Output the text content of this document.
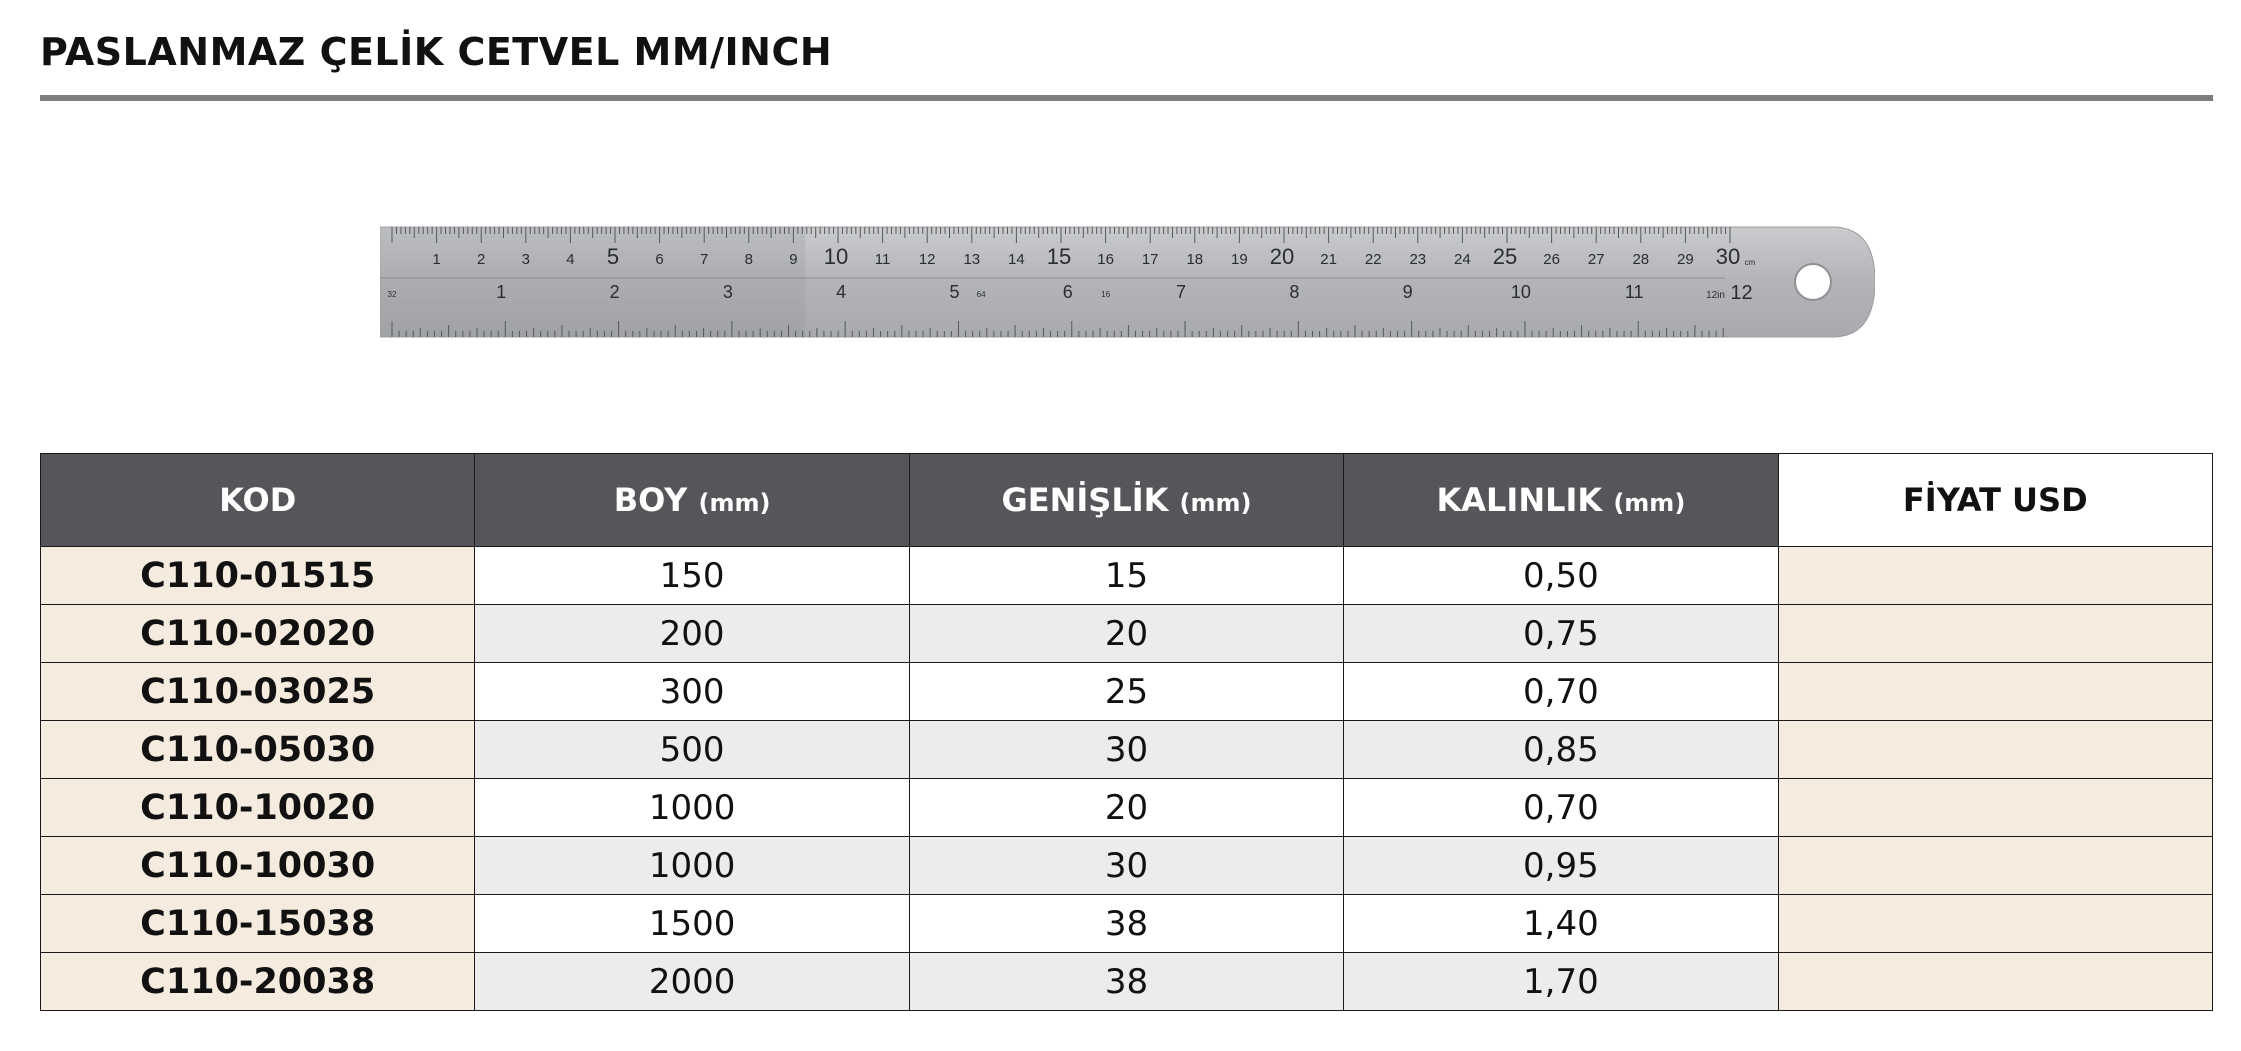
PASLANMAZ ÇELİK CETVEL MM/INCH
1 2 3 4 5 6 7 8 9 10 11 12 13 14 15 16 17 18 19 20 21 22 23 24 25 26 27 28 29 30 cm
1	2	3	4	5	6	7	8	9	10	11	12in 12
32	64	16
KOD	BOY (mm)	GENİŞLİK (mm)	KALINLIK (mm)	FİYAT USD
C110-01515	150	15	0,50	
C110-02020	200	20	0,75	
C110-03025	300	25	0,70	
C110-05030	500	30	0,85	
C110-10020	1000	20	0,70	
C110-10030	1000	30	0,95	
C110-15038	1500	38	1,40	
C110-20038	2000	38	1,70	
